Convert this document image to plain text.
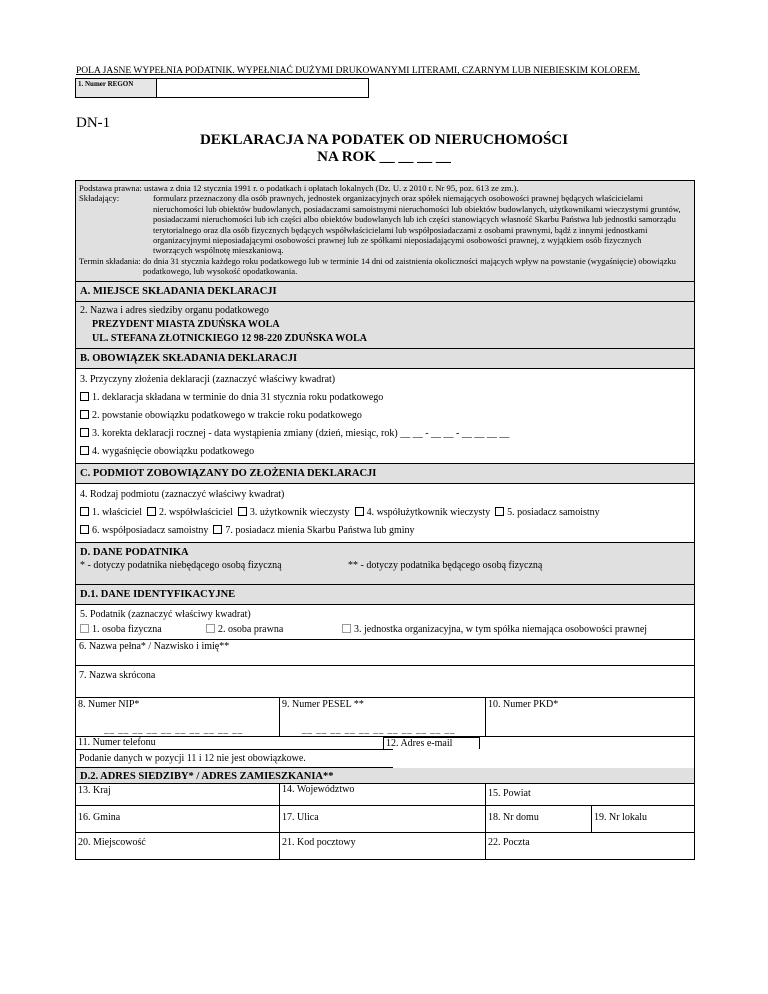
POLA JASNE WYPEŁNIA PODATNIK. WYPEŁNIAĆ DUŻYMI DRUKOWANYMI LITERAMI, CZARNYM LUB NIEBIESKIM KOLOREM.
1. Numer REGON
DN-1
DEKLARACJA NA PODATEK OD NIERUCHOMOŚCI
NA ROK __ __ __ __
Podstawa prawna:
ustawa z dnia 12 stycznia 1991 r. o podatkach i opłatach lokalnych (Dz. U. z 2010 r. Nr 95, poz. 613 ze zm.).
Składający:	formularz przeznaczony dla osób prawnych, jednostek organizacyjnych oraz spółek niemających osobowości prawnej będących właścicielami nieruchomości lub obiektów budowlanych, posiadaczami samoistnymi nieruchomości lub obiektów budowlanych, użytkownikami wieczystymi gruntów, posiadaczami nieruchomości lub ich części albo obiektów budowlanych lub ich części stanowiących własność Skarbu Państwa lub jednostki samorządu terytorialnego oraz dla osób fizycznych będących współwłaścicielami lub współposiadaczami z osobami prawnymi, bądź z innymi jednostkami organizacyjnymi nieposiadającymi osobowości prawnej lub ze spółkami nieposiadającymi osobowości prawnej, z wyjątkiem osób fizycznych tworzących wspólnotę mieszkaniową.
Termin składania:
do dnia 31 stycznia każdego roku podatkowego lub w terminie 14 dni od zaistnienia okoliczności mających wpływ na powstanie (wygaśnięcie) obowiązku podatkowego, lub wysokość opodatkowania.
A. MIEJSCE SKŁADANIA DEKLARACJI
2. Nazwa i adres siedziby organu podatkowego
PREZYDENT MIASTA ZDUŃSKA WOLA
UL. STEFANA ZŁOTNICKIEGO 12 98-220 ZDUŃSKA WOLA
B. OBOWIĄZEK SKŁADANIA DEKLARACJI
3. Przyczyny złożenia deklaracji (zaznaczyć właściwy kwadrat)
1. deklaracja składana w terminie do dnia 31 stycznia roku podatkowego
2. powstanie obowiązku podatkowego w trakcie roku podatkowego
3. korekta deklaracji rocznej - data wystąpienia zmiany (dzień, miesiąc, rok) __ __ - __ __ - __ __ __ __
4. wygaśnięcie obowiązku podatkowego
C. PODMIOT ZOBOWIĄZANY DO ZŁOŻENIA DEKLARACJI
4. Rodzaj podmiotu (zaznaczyć właściwy kwadrat)
1. właściciel 2. współwłaściciel 3. użytkownik wieczysty 4. współużytkownik wieczysty 5. posiadacz samoistny
6. współposiadacz samoistny 7. posiadacz mienia Skarbu Państwa lub gminy
D. DANE PODATNIKA
* - dotyczy podatnika niebędącego osobą fizyczną	** - dotyczy podatnika będącego osobą fizyczną
D.1. DANE IDENTYFIKACYJNE
5. Podatnik (zaznaczyć właściwy kwadrat)
1. osoba fizyczna	2. osoba prawna	3. jednostka organizacyjna, w tym spółka niemająca osobowości prawnej
6. Nazwa pełna* / Nazwisko i imię**
7. Nazwa skrócona
8. Numer NIP*
__ __ __ __ __ __ __ __ __ __
9. Numer PESEL **
__ __ __ __ __ __ __ __ __ __ __
10. Numer PKD*
11. Numer telefonu	12. Adres e-mail
Podanie danych w pozycji 11 i 12 nie jest obowiązkowe.
D.2. ADRES SIEDZIBY* / ADRES ZAMIESZKANIA**
13. Kraj	14. Województwo	15. Powiat
16. Gmina	17. Ulica	18. Nr domu	19. Nr lokalu
20. Miejscowość	21. Kod pocztowy	22. Poczta
